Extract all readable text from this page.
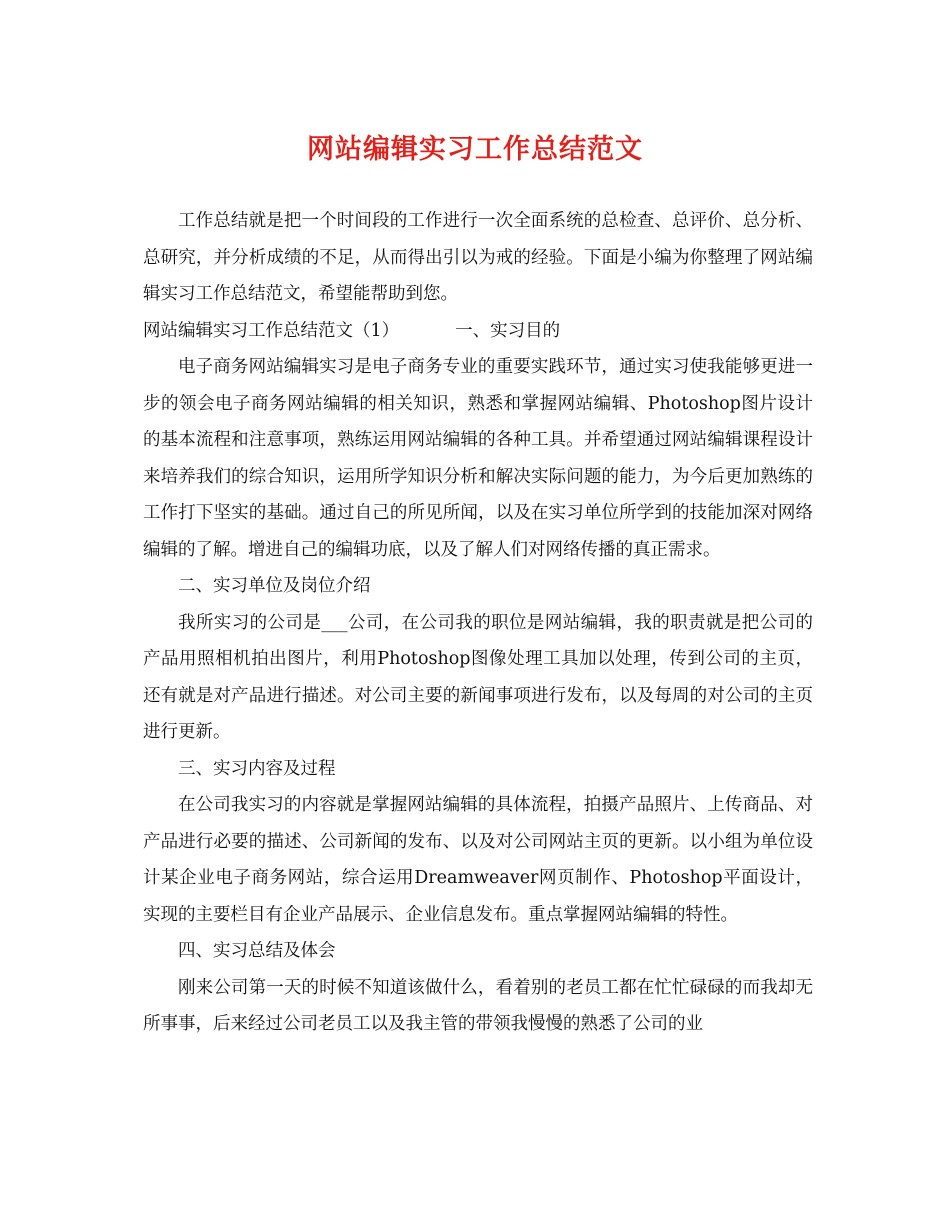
网站编辑实习工作总结范文

工作总结就是把一个时间段的工作进行一次全面系统的总检查、总评价、总分析、总研究，并分析成绩的不足，从而得出引以为戒的经验。下面是小编为你整理了网站编辑实习工作总结范文，希望能帮助到您。

网站编辑实习工作总结范文（1）	一、实习目的

电子商务网站编辑实习是电子商务专业的重要实践环节，通过实习使我能够更进一步的领会电子商务网站编辑的相关知识，熟悉和掌握网站编辑、Photoshop图片设计的基本流程和注意事项，熟练运用网站编辑的各种工具。并希望通过网站编辑课程设计来培养我们的综合知识，运用所学知识分析和解决实际问题的能力，为今后更加熟练的工作打下坚实的基础。通过自己的所见所闻，以及在实习单位所学到的技能加深对网络编辑的了解。增进自己的编辑功底，以及了解人们对网络传播的真正需求。

二、实习单位及岗位介绍

我所实习的公司是___公司，在公司我的职位是网站编辑，我的职责就是把公司的产品用照相机拍出图片，利用Photoshop图像处理工具加以处理，传到公司的主页，还有就是对产品进行描述。对公司主要的新闻事项进行发布，以及每周的对公司的主页进行更新。

三、实习内容及过程

在公司我实习的内容就是掌握网站编辑的具体流程，拍摄产品照片、上传商品、对产品进行必要的描述、公司新闻的发布、以及对公司网站主页的更新。以小组为单位设计某企业电子商务网站，综合运用Dreamweaver网页制作、Photoshop平面设计，实现的主要栏目有企业产品展示、企业信息发布。重点掌握网站编辑的特性。

四、实习总结及体会

刚来公司第一天的时候不知道该做什么，看着别的老员工都在忙忙碌碌的而我却无所事事，后来经过公司老员工以及我主管的带领我慢慢的熟悉了公司的业
